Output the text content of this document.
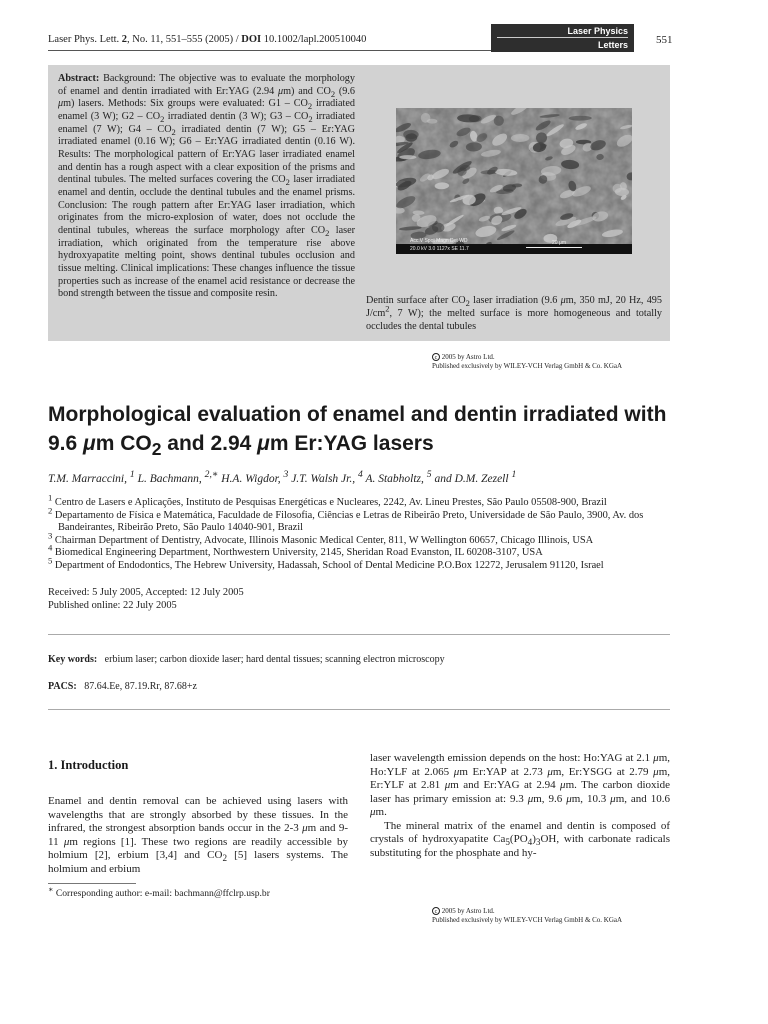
Laser Phys. Lett. 2, No. 11, 551–555 (2005) / DOI 10.1002/lapl.200510040
Laser Physics
Letters	551
Abstract: Background: The objective was to evaluate the morphology of enamel and dentin irradiated with Er:YAG (2.94 μm) and $CO_2$ (9.6 μm) lasers. Methods: Six groups were evaluated: $G1 - CO_2$ irradiated enamel (3 W); $G2 - CO_2$ irradiated dentin (3 W); $G3 - CO_2$ irradiated enamel (7 W); $G4 - CO_2$ irradiated dentin (7 W); G5 – Er:YAG irradiated enamel (0.16 W); G6 – Er:YAG irradiated dentin (0.16 W). Results: The morphological pattern of Er:YAG laser irradiated enamel and dentin has a rough aspect with a clear exposition of the prisms and dentinal tubules. The melted surfaces covering the $CO_2$ laser irradiated enamel and dentin, occlude the dentinal tubules and the enamel prisms. Conclusion: The rough pattern after Er:YAG laser irradiation, which originates from the micro-explosion of water, does not occlude the dentinal tubules, whereas the surface morphology after $CO_2$ laser irradiation, which originated from the temperature rise above hydroxyapatite melting point, shows dentinal tubules occlusion and tissue melting. Clinical implications: These changes influence the tissue properties such as increase of the enamel acid resistance or decrease the bond strength between the tissue and composite resin.
Acc.V Spot Magn Det WD
20.0 kV 3.0 1127x SE 11.7
20 μm
Dentin surface after $CO_2$ laser irradiation (9.6 μm, 350 mJ, 20 Hz, 495 $J/cm^2$, 7 W); the melted surface is more homogeneous and totally occludes the dental tubules
c 2005 by Astro Ltd.
Published exclusively by WILEY-VCH Verlag GmbH & Co. KGaA
Morphological evaluation of enamel and dentin irradiated with 9.6 μm $CO_2$ and 2.94 μm Er:YAG lasers
T.M. Marraccini, $^1$ L. Bachmann, $^{2,∗}$ H.A. Wigdor, $^3$ J.T. Walsh Jr., $^4$ A. Stabholtz, $^5$ and D.M. Zezell $^1$
$^1$ Centro de Lasers e Aplicações, Instituto de Pesquisas Energéticas e Nucleares, 2242, Av. Lineu Prestes, São Paulo 05508-900, Brazil
$^2$ Departamento de Física e Matemática, Faculdade de Filosofia, Ciências e Letras de Ribeirão Preto, Universidade de São Paulo, 3900, Av. dos Bandeirantes, Ribeirão Preto, São Paulo 14040-901, Brazil
$^3$ Chairman Department of Dentistry, Advocate, Illinois Masonic Medical Center, 811, W Wellington 60657, Chicago Illinois, USA
$^4$ Biomedical Engineering Department, Northwestern University, 2145, Sheridan Road Evanston, IL 60208-3107, USA
$^5$ Department of Endodontics, The Hebrew University, Hadassah, School of Dental Medicine P.O.Box 12272, Jerusalem 91120, Israel
Received: 5 July 2005, Accepted: 12 July 2005
Published online: 22 July 2005
Key words: erbium laser; carbon dioxide laser; hard dental tissues; scanning electron microscopy
PACS: 87.64.Ee, 87.19.Rr, 87.68+z
1. Introduction
Enamel and dentin removal can be achieved using lasers with wavelengths that are strongly absorbed by these tissues. In the infrared, the strongest absorption bands occur in the 2-3 μm and 9-11 μm regions [1]. These two regions are readily accessible by holmium [2], erbium [3,4] and $CO_2$ [5] lasers systems. The holmium and erbium

laser wavelength emission depends on the host: Ho:YAG at 2.1 μm, Ho:YLF at 2.065 μm Er:YAP at 2.73 μm, Er:YSGG at 2.79 μm, Er:YLF at 2.81 μm and Er:YAG at 2.94 μm. The carbon dioxide laser has primary emission at: 9.3 μm, 9.6 μm, 10.3 μm, and 10.6 μm.

The mineral matrix of the enamel and dentin is composed of crystals of hydroxyapatite $Ca_5(PO_4)_3OH$, with carbonate radicals substituting for the phosphate and hy-

∗ Corresponding author: e-mail: bachmann@ffclrp.usp.br
c 2005 by Astro Ltd.
Published exclusively by WILEY-VCH Verlag GmbH & Co. KGaA
